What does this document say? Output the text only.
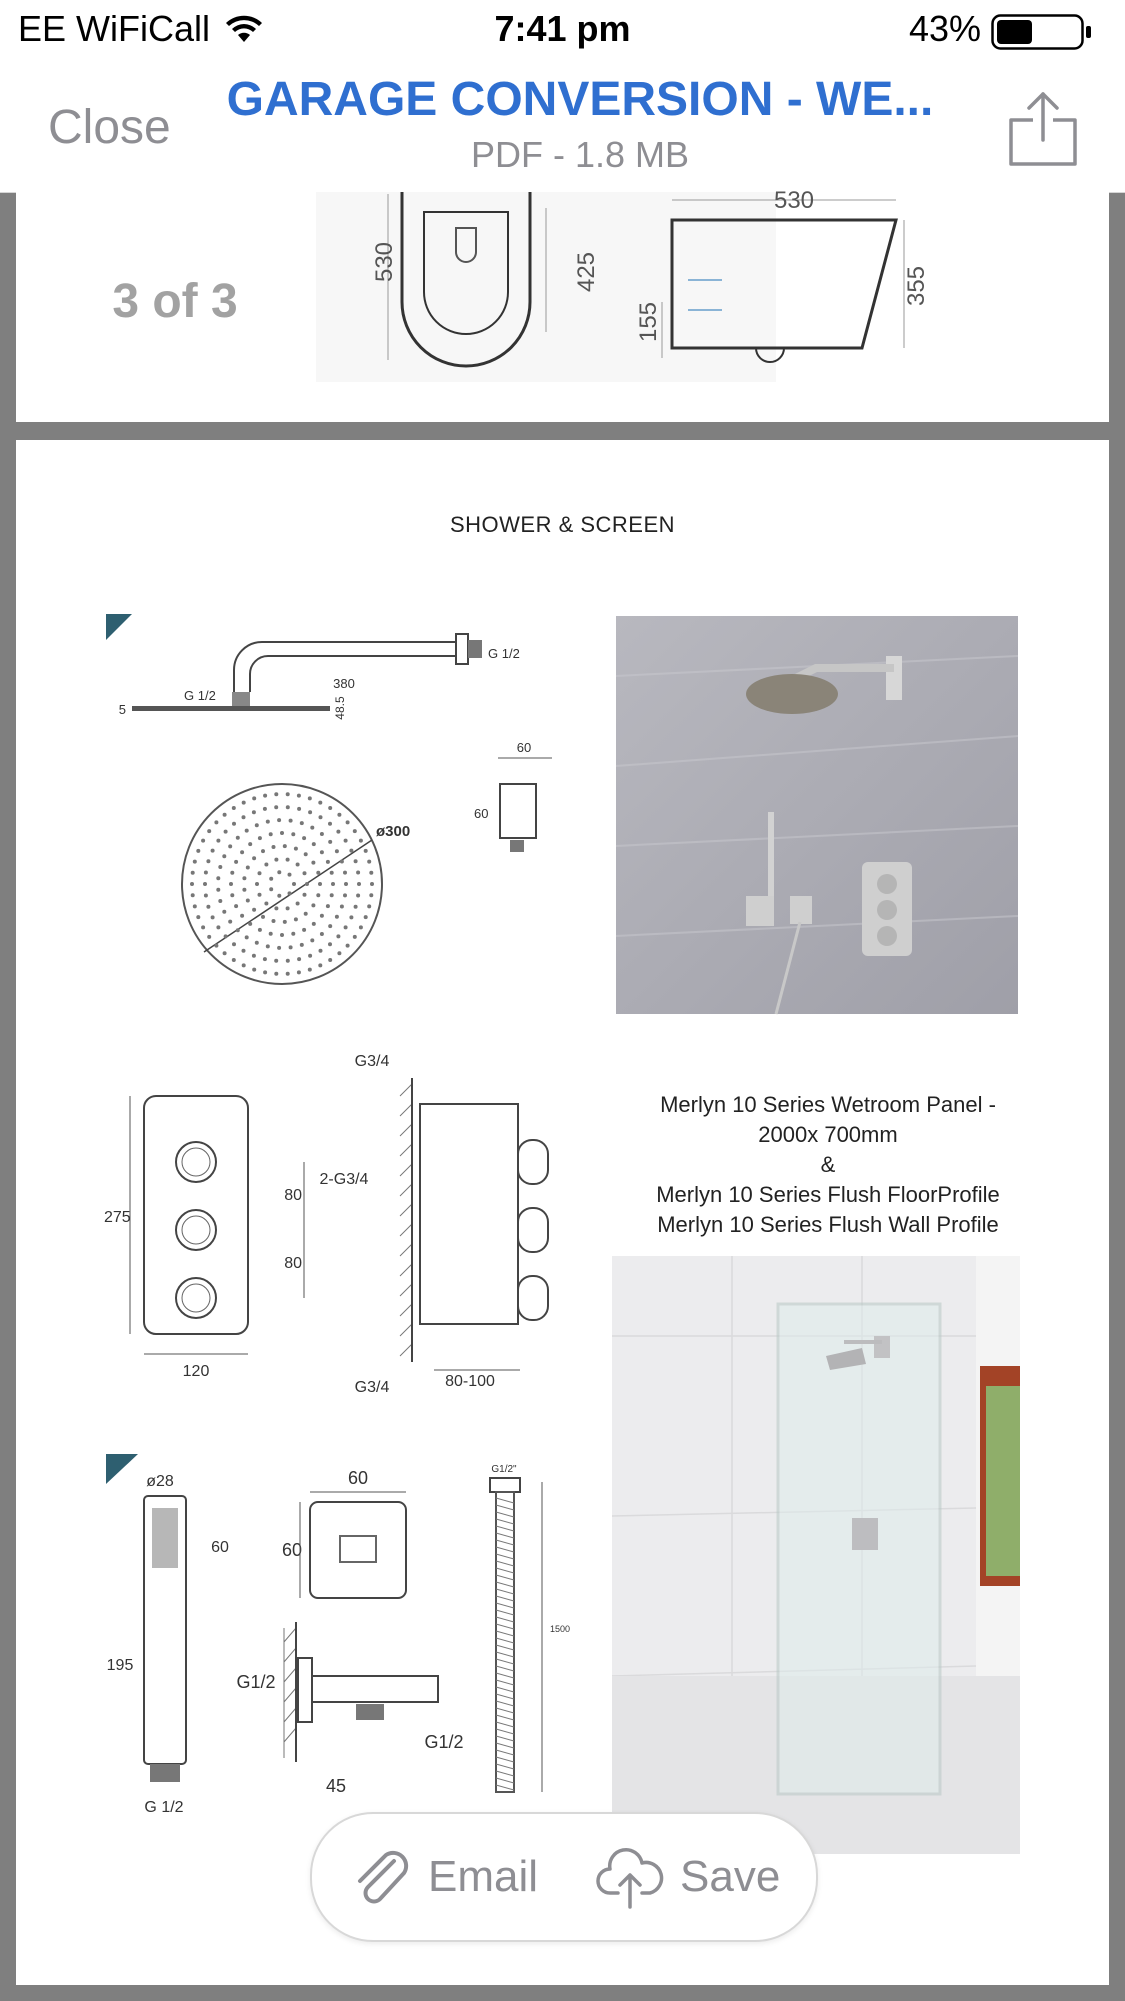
EE WiFiCall	7:41 pm	43%
Close
GARAGE CONVERSION - WE...
PDF - 1.8 MB
530	425
530
155
355
3 of 3
SHOWER & SCREEN
G 1/2
380
G 1/2
48.5
5
60
60
ø300
275
120
80
80
G3/4
2-G3/4
G3/4	80-100
Merlyn 10 Series Wetroom Panel -
2000x 700mm
&
Merlyn 10 Series Flush FloorProfile
Merlyn 10 Series Flush Wall Profile
ø28
60
195
G 1/2
60
60
G1/2
45
G1/2
G1/2"
1500
Email	Save
